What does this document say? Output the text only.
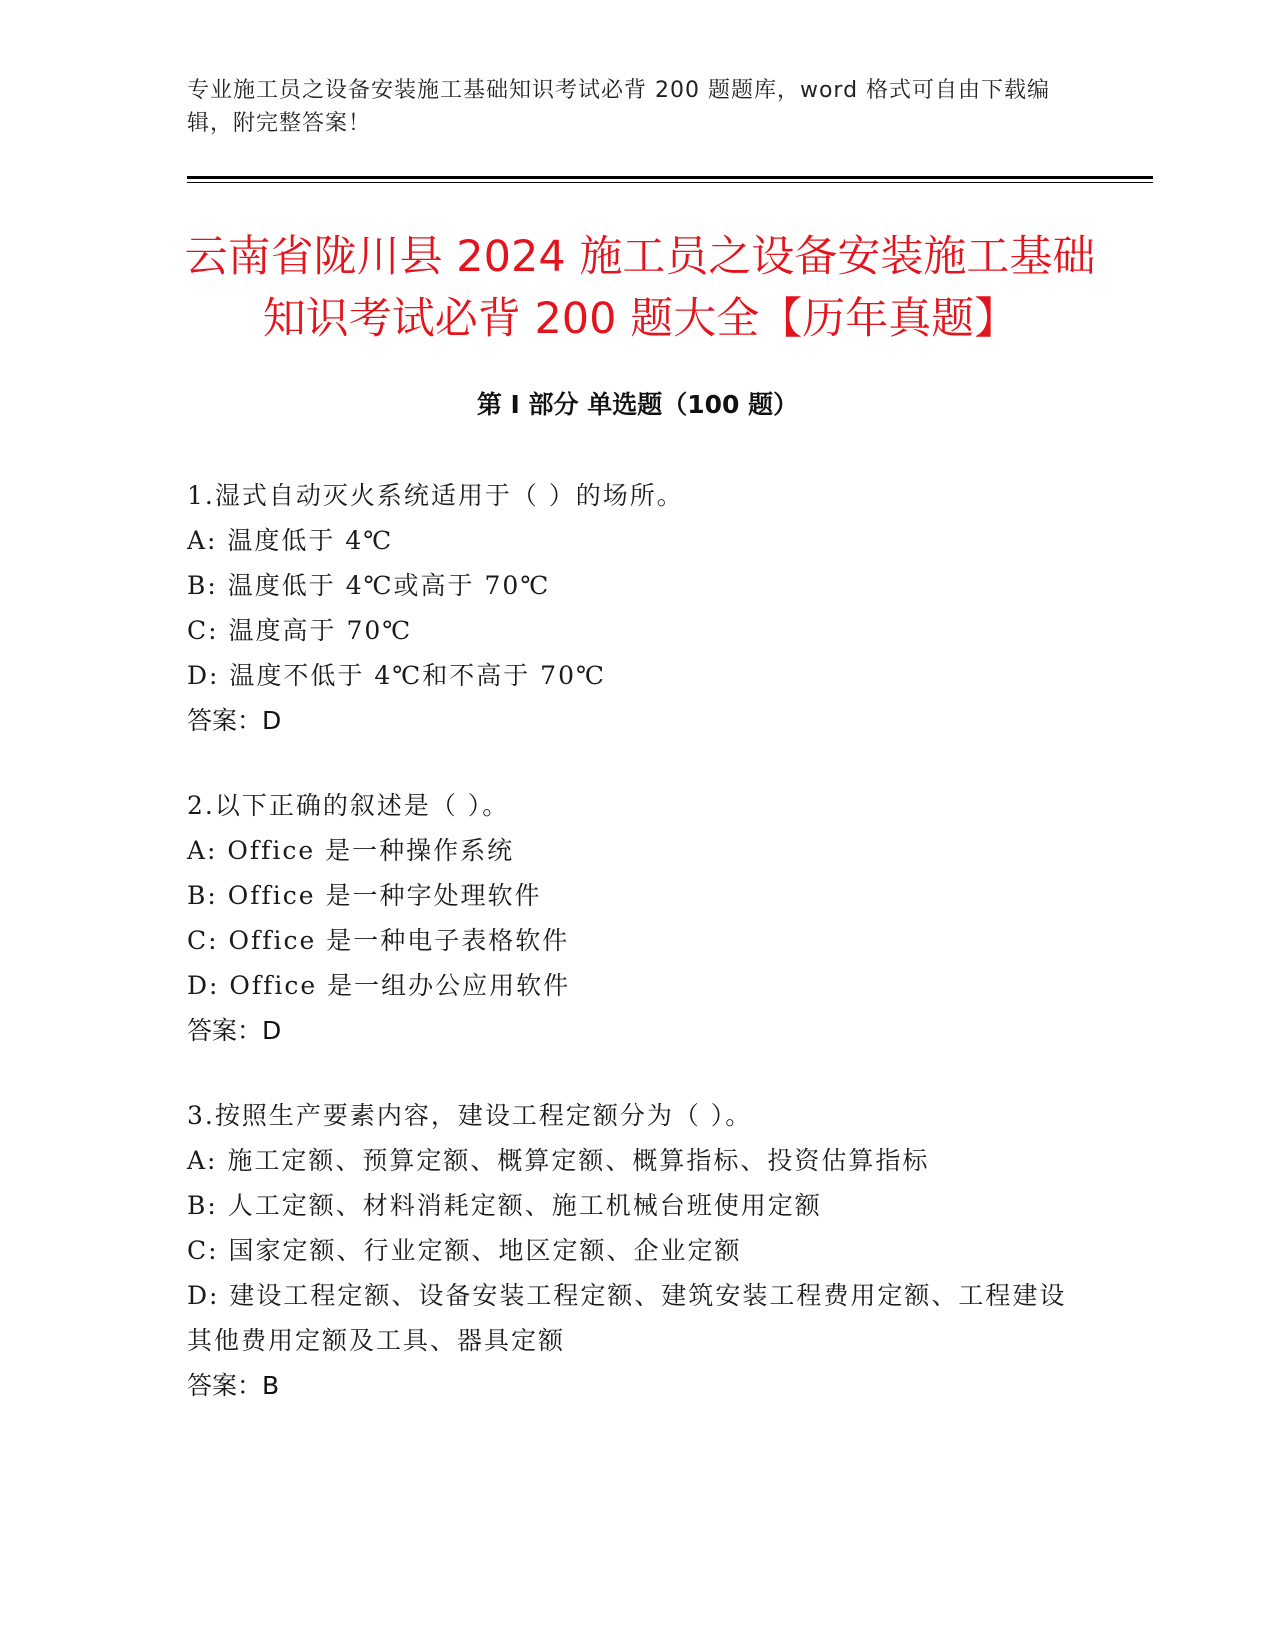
专业施工员之设备安装施工基础知识考试必背 200 题题库，word 格式可自由下载编辑，附完整答案！
云南省陇川县 2024 施工员之设备安装施工基础知识考试必背 200 题大全【历年真题】
第 I 部分 单选题（100 题）
1.湿式自动灭火系统适用于（ ）的场所。
A: 温度低于 4℃
B: 温度低于 4℃或高于 70℃
C: 温度高于 70℃
D: 温度不低于 4℃和不高于 70℃
答案：D
2.以下正确的叙述是（ ）。
A: Office 是一种操作系统
B: Office 是一种字处理软件
C: Office 是一种电子表格软件
D: Office 是一组办公应用软件
答案：D
3.按照生产要素内容，建设工程定额分为（ ）。
A: 施工定额、预算定额、概算定额、概算指标、投资估算指标
B: 人工定额、材料消耗定额、施工机械台班使用定额
C: 国家定额、行业定额、地区定额、企业定额
D: 建设工程定额、设备安装工程定额、建筑安装工程费用定额、工程建设其他费用定额及工具、器具定额
答案：B
